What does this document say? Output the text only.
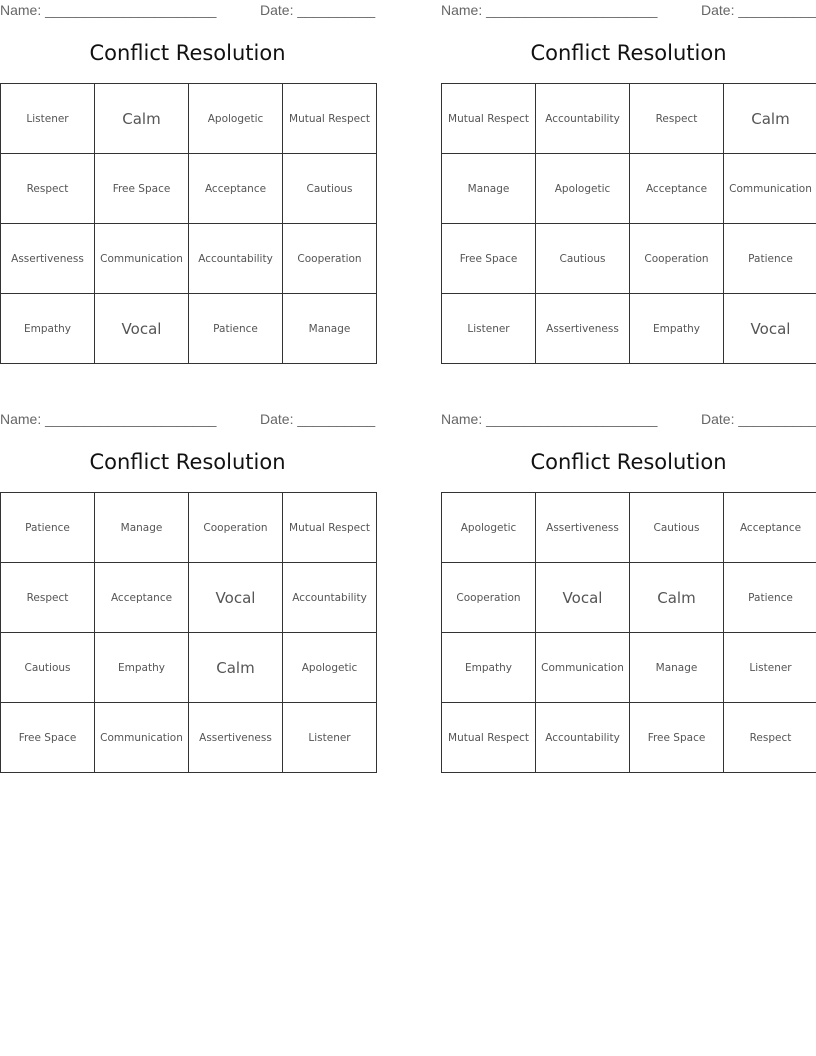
Name: ______________________	Date: __________
Conflict Resolution
Listener	Calm	Apologetic	Mutual Respect
Respect	Free Space	Acceptance	Cautious
Assertiveness	Communication	Accountability	Cooperation
Empathy	Vocal	Patience	Manage
Name: ______________________	Date: __________
Conflict Resolution
Mutual Respect	Accountability	Respect	Calm
Manage	Apologetic	Acceptance	Communication
Free Space	Cautious	Cooperation	Patience
Listener	Assertiveness	Empathy	Vocal
Name: ______________________	Date: __________
Conflict Resolution
Patience	Manage	Cooperation	Mutual Respect
Respect	Acceptance	Vocal	Accountability
Cautious	Empathy	Calm	Apologetic
Free Space	Communication	Assertiveness	Listener
Name: ______________________	Date: __________
Conflict Resolution
Apologetic	Assertiveness	Cautious	Acceptance
Cooperation	Vocal	Calm	Patience
Empathy	Communication	Manage	Listener
Mutual Respect	Accountability	Free Space	Respect
